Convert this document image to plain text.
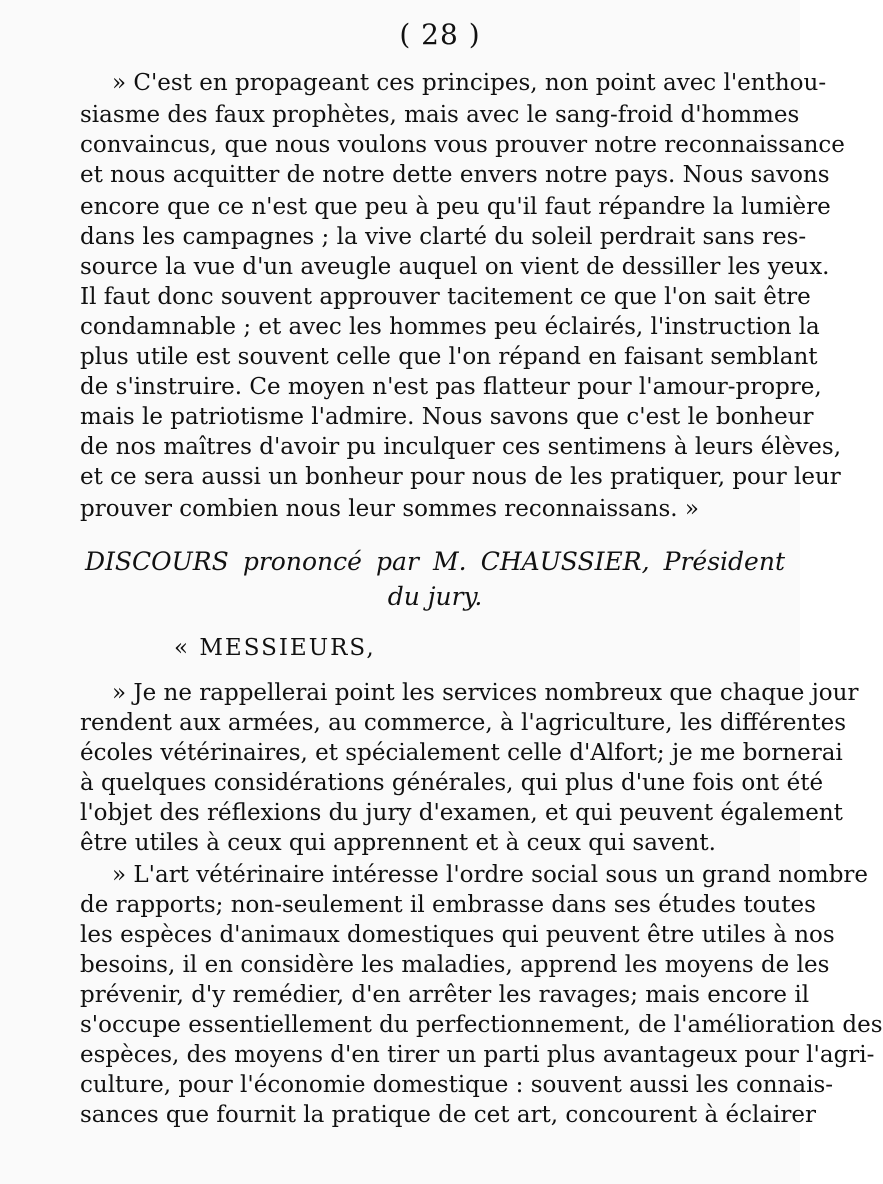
( 28 )
» C'est en propageant ces principes, non point avec l'enthou-
siasme des faux prophètes, mais avec le sang-froid d'hommes
convaincus, que nous voulons vous prouver notre reconnaissance
et nous acquitter de notre dette envers notre pays. Nous savons
encore que ce n'est que peu à peu qu'il faut répandre la lumière
dans les campagnes ; la vive clarté du soleil perdrait sans res-
source la vue d'un aveugle auquel on vient de dessiller les yeux.
Il faut donc souvent approuver tacitement ce que l'on sait être
condamnable ; et avec les hommes peu éclairés, l'instruction la
plus utile est souvent celle que l'on répand en faisant semblant
de s'instruire. Ce moyen n'est pas flatteur pour l'amour-propre,
mais le patriotisme l'admire. Nous savons que c'est le bonheur
de nos maîtres d'avoir pu inculquer ces sentimens à leurs élèves,
et ce sera aussi un bonheur pour nous de les pratiquer, pour leur
prouver combien nous leur sommes reconnaissans. »
DISCOURS prononcé par M. CHAUSSIER, Président
du jury.
« MESSIEURS,
» Je ne rappellerai point les services nombreux que chaque jour
rendent aux armées, au commerce, à l'agriculture, les différentes
écoles vétérinaires, et spécialement celle d'Alfort; je me bornerai
à quelques considérations générales, qui plus d'une fois ont été
l'objet des réflexions du jury d'examen, et qui peuvent également
être utiles à ceux qui apprennent et à ceux qui savent.
» L'art vétérinaire intéresse l'ordre social sous un grand nombre
de rapports; non-seulement il embrasse dans ses études toutes
les espèces d'animaux domestiques qui peuvent être utiles à nos
besoins, il en considère les maladies, apprend les moyens de les
prévenir, d'y remédier, d'en arrêter les ravages; mais encore il
s'occupe essentiellement du perfectionnement, de l'amélioration des
espèces, des moyens d'en tirer un parti plus avantageux pour l'agri-
culture, pour l'économie domestique : souvent aussi les connais-
sances que fournit la pratique de cet art, concourent à éclairer
